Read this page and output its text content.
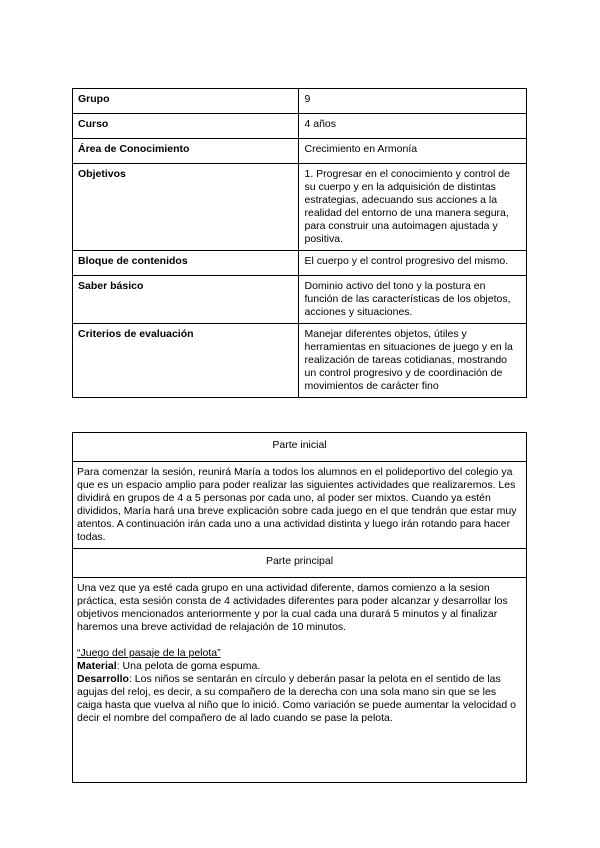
Grupo	9
Curso	4 años
Área de Conocimiento	Crecimiento en Armonía
Objetivos	1. Progresar en el conocimiento y control de su cuerpo y en la adquisición de distintas estrategias, adecuando sus acciones a la realidad del entorno de una manera segura, para construir una autoimagen ajustada y positiva.
Bloque de contenidos	El cuerpo y el control progresivo del mismo.
Saber básico	Dominio activo del tono y la postura en función de las características de los objetos, acciones y situaciones.
Criterios de evaluación	Manejar diferentes objetos, útiles y herramientas en situaciones de juego y en la realización de tareas cotidianas, mostrando un control progresivo y de coordinación de movimientos de carácter fino
Parte inicial

Para comenzar la sesión, reunirá María a todos los alumnos en el polideportivo del colegio ya que es un espacio amplio para poder realizar las siguientes actividades que realizaremos. Les dividirá en grupos de 4 a 5 personas por cada uno, al poder ser mixtos. Cuando ya estén divididos, María hará una breve explicación sobre cada juego en el que tendrán que estar muy atentos. A continuación irán cada uno a una actividad distinta y luego irán rotando para hacer todas.

Parte principal

Una vez que ya esté cada grupo en una actividad diferente, damos comienzo a la sesion práctica, esta sesión consta de 4 actividades diferentes para poder alcanzar y desarrollar los objetivos mencionados anteriormente y por la cual cada una durará 5 minutos y al finalizar haremos una breve actividad de relajación de 10 minutos.

“Juego del pasaje de la pelota”

Material: Una pelota de goma espuma.

Desarrollo: Los niños se sentarán en círculo y deberán pasar la pelota en el sentido de las agujas del reloj, es decir, a su compañero de la derecha con una sola mano sin que se les caiga hasta que vuelva al niño que lo inició. Como variación se puede aumentar la velocidad o decir el nombre del compañero de al lado cuando se pase la pelota.
